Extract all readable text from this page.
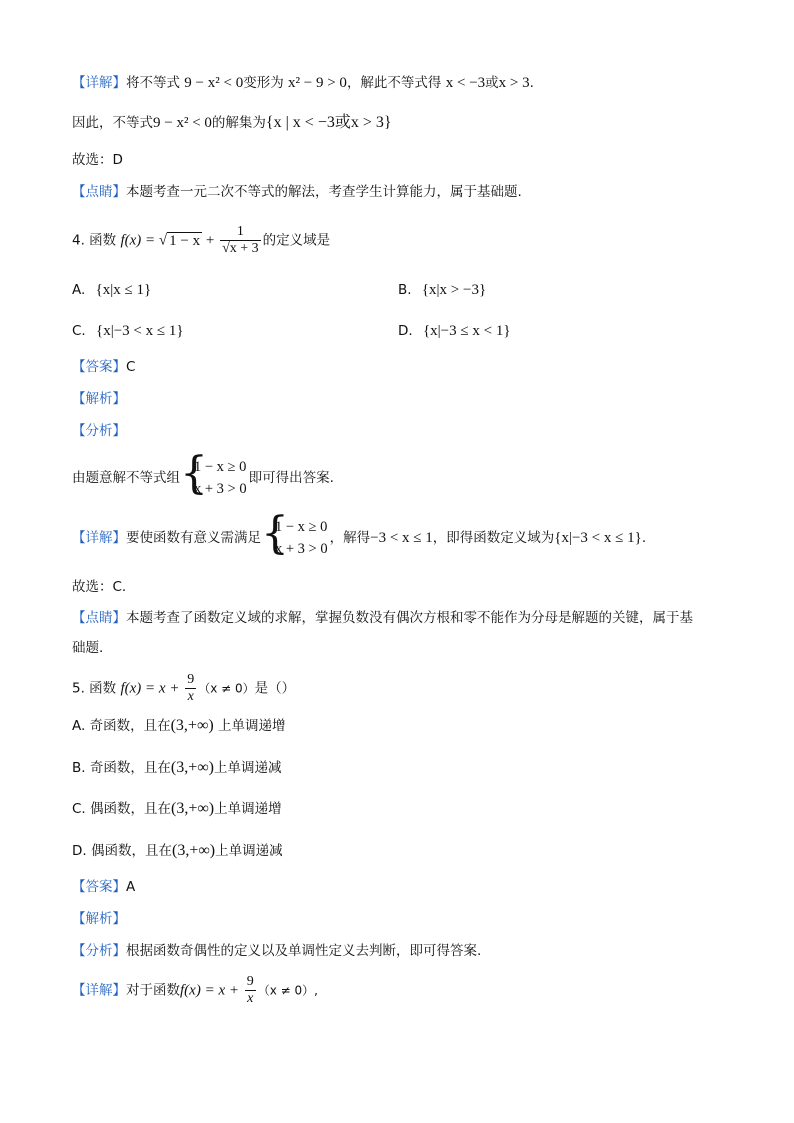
【详解】将不等式 9 − x² < 0变形为 x² − 9 > 0，解此不等式得 x < −3或x > 3.
因此，不等式9 − x² < 0的解集为{x | x < −3或x > 3}
故选：D
【点睛】本题考查一元二次不等式的解法，考查学生计算能力，属于基础题.
4. 函数 f(x) = √ $1 - x + \frac{1}{√x + 3}$ 的定义域是
A. {x|x ≤ 1}	B. {x|x > −3}
C. {x|−3 < x ≤ 1}	D. {x|−3 ≤ x < 1}
【答案】C
【解析】
【分析】
由题意解不等式组 {
1 − x ≥ 0
x + 3 > 0
即可得出答案.
【详解】要使函数有意义需满足 {
1 − x ≥ 0
x + 3 > 0
，解得−3 < x ≤ 1，即得函数定义域为{x|−3 < x ≤ 1}.
故选：C.
【点睛】本题考查了函数定义域的求解，掌握负数没有偶次方根和零不能作为分母是解题的关键，属于基
础题.
5. 函数 $f(x) = x + \frac{9}{x} (x \ne 0)$是（）
A. 奇函数，且在(3,+∞) 上单调递增
B. 奇函数，且在(3,+∞)上单调递减
C. 偶函数，且在(3,+∞)上单调递增
D. 偶函数，且在(3,+∞)上单调递减
【答案】A
【解析】
【分析】根据函数奇偶性的定义以及单调性定义去判断，即可得答案.
【详解】对于函数$f(x) = x + \frac{9}{x} (x \ne 0)$,
